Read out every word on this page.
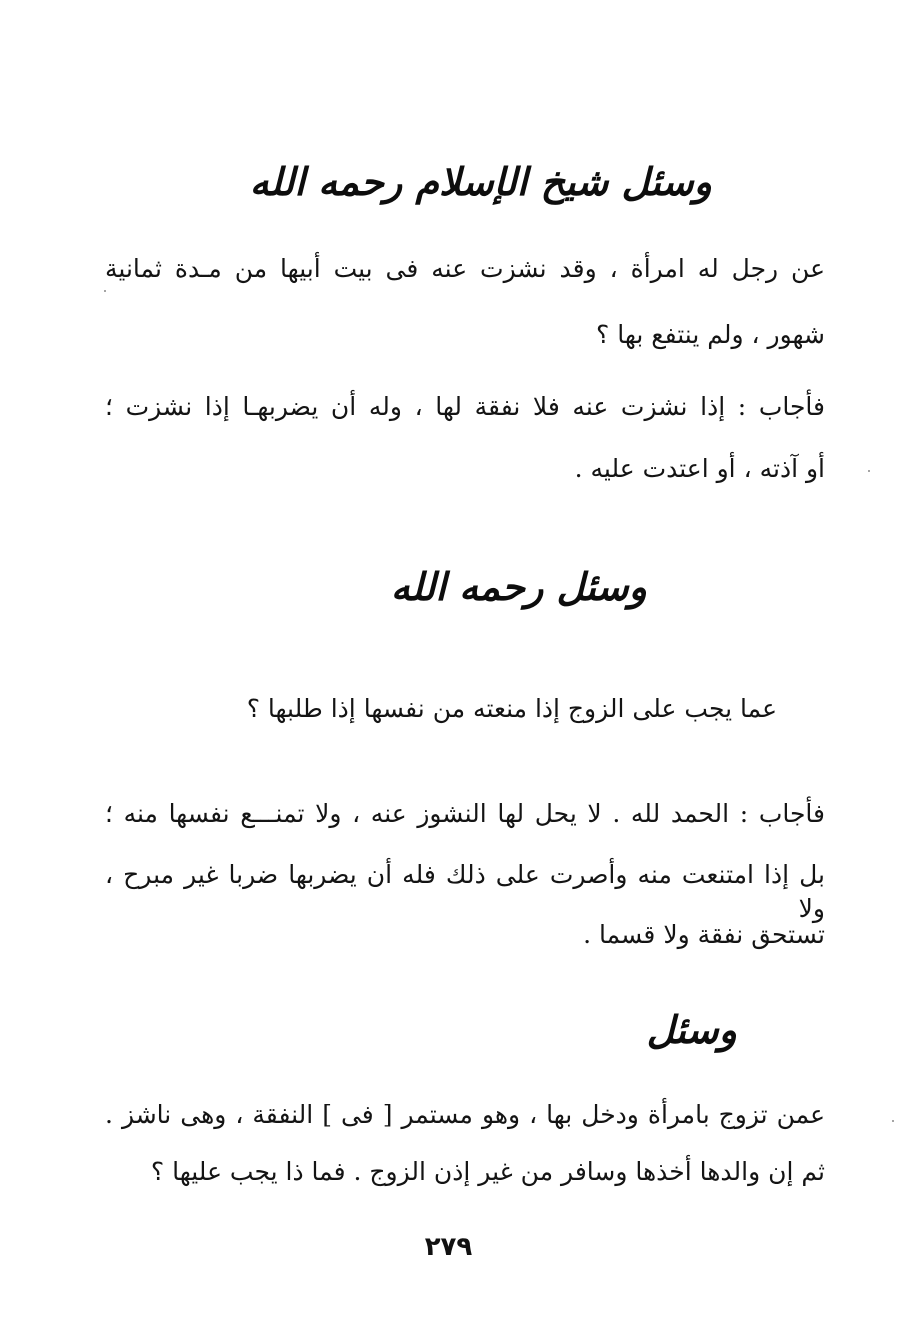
وسئل شيخ الإسلام رحمه الله
عن رجل له امرأة ، وقد نشزت عنه فى بيت أبيها من مـدة ثمانية
شهور ، ولم ينتفع بها ؟
فأجاب : إذا نشزت عنه فلا نفقة لها ، وله أن يضربهـا إذا نشزت ؛
أو آذته ، أو اعتدت عليه .
وسئل رحمه الله
عما يجب على الزوج إذا منعته من نفسها إذا طلبها ؟
فأجاب : الحمد لله . لا يحل لها النشوز عنه ، ولا تمنـــع نفسها منه ؛
بل إذا امتنعت منه وأصرت على ذلك فله أن يضربها ضربا غير مبرح ، ولا
تستحق نفقة ولا قسما .
وسئل
عمن تزوج بامرأة ودخل بها ، وهو مستمر [ فى ] النفقة ، وهى ناشز .
ثم إن والدها أخذها وسافر من غير إذن الزوج . فما ذا يجب عليها ؟
٢٧٩
